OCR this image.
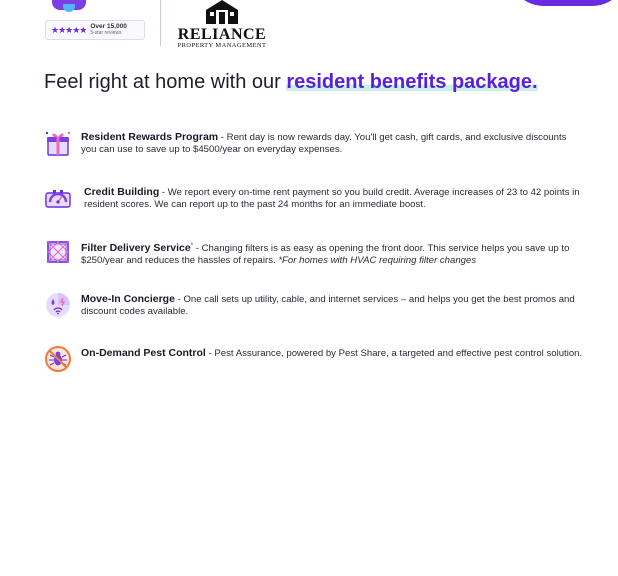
★★★★★ Over 15,000
5-star reviews	RELIANCE
PROPERTY MANAGEMENT
Feel right at home with our resident benefits package.
Resident Rewards Program - Rent day is now rewards day. You'll get cash, gift cards, and exclusive discounts you can use to save up to $4500/year on everyday expenses.
Credit Building - We report every on-time rent payment so you build credit. Average increases of 23 to 42 points in resident scores. We can report up to the past 24 months for an immediate boost.
Filter Delivery Service* - Changing filters is as easy as opening the front door. This service helps you save up to $250/year and reduces the hassles of repairs. *For homes with HVAC requiring filter changes
Move-In Concierge - One call sets up utility, cable, and internet services – and helps you get the best promos and discount codes available.
On-Demand Pest Control - Pest Assurance, powered by Pest Share, a targeted and effective pest control solution.
